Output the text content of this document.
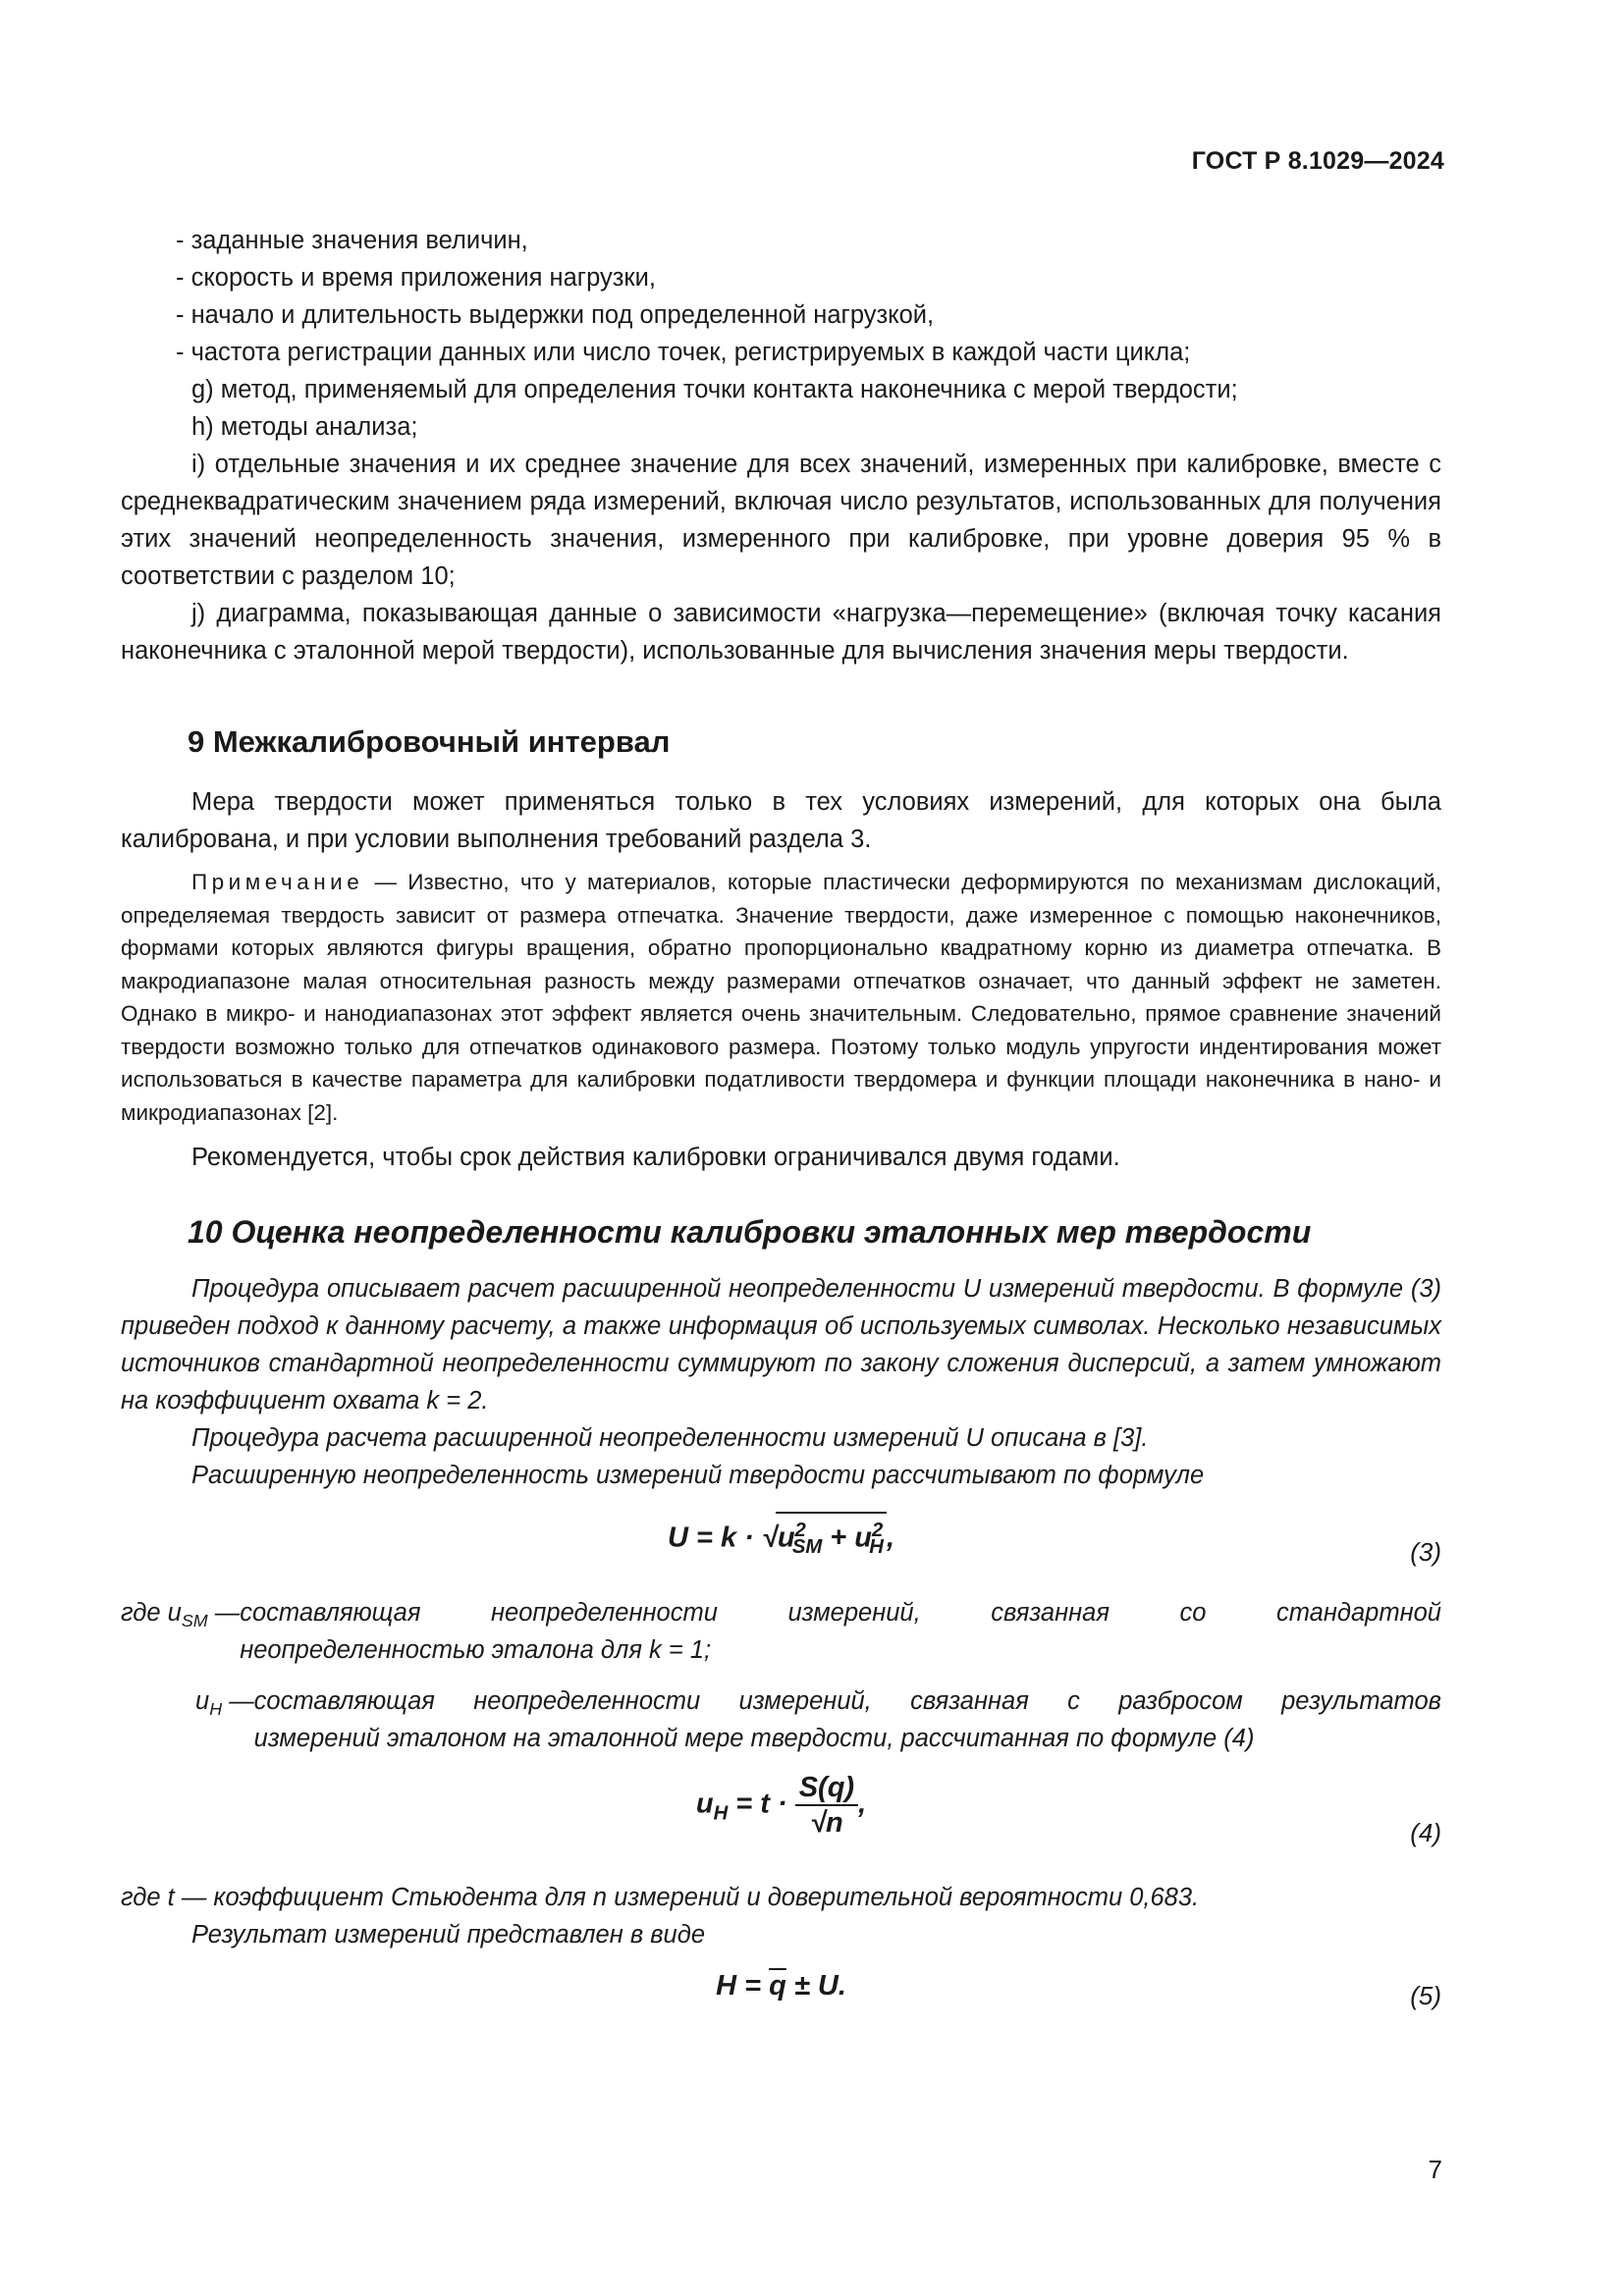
ГОСТ Р 8.1029—2024

- заданные значения величин,

- скорость и время приложения нагрузки,

- начало и длительность выдержки под определенной нагрузкой,

- частота регистрации данных или число точек, регистрируемых в каждой части цикла;

g) метод, применяемый для определения точки контакта наконечника с мерой твердости;

h) методы анализа;

i) отдельные значения и их среднее значение для всех значений, измеренных при калибровке, вместе с среднеквадратическим значением ряда измерений, включая число результатов, использованных для получения этих значений неопределенность значения, измеренного при калибровке, при уровне доверия 95 % в соответствии с разделом 10;

j) диаграмма, показывающая данные о зависимости «нагрузка—перемещение» (включая точку касания наконечника с эталонной мерой твердости), использованные для вычисления значения меры твердости.

9 Межкалибровочный интервал

Мера твердости может применяться только в тех условиях измерений, для которых она была калибрована, и при условии выполнения требований раздела 3.

Примечание — Известно, что у материалов, которые пластически деформируются по механизмам дислокаций, определяемая твердость зависит от размера отпечатка. Значение твердости, даже измеренное с помощью наконечников, формами которых являются фигуры вращения, обратно пропорционально квадратному корню из диаметра отпечатка. В макродиапазоне малая относительная разность между размерами отпечатков означает, что данный эффект не заметен. Однако в микро- и нанодиапазонах этот эффект является очень значительным. Следовательно, прямое сравнение значений твердости возможно только для отпечатков одинакового размера. Поэтому только модуль упругости индентирования может использоваться в качестве параметра для калибровки податливости твердомера и функции площади наконечника в нано- и микродиапазонах [2].

Рекомендуется, чтобы срок действия калибровки ограничивался двумя годами.

10 Оценка неопределенности калибровки эталонных мер твердости

Процедура описывает расчет расширенной неопределенности U измерений твердости. В формуле (3) приведен подход к данному расчету, а также информация об используемых символах. Несколько независимых источников стандартной неопределенности суммируют по закону сложения дисперсий, а затем умножают на коэффициент охвата k = 2.

Процедура расчета расширенной неопределенности измерений U описана в [3].

Расширенную неопределенность измерений твердости рассчитывают по формуле

$U = k \cdot √u^2_{SM} + u^2_H$ ,	(3)
где $u_{SM}$ — составляющая неопределенности измерений, связанная со стандартной
неопределенностью эталона для k = 1;
$u_H$ — составляющая неопределенности измерений, связанная с разбросом результатов
измерений эталоном на эталонной мере твердости, рассчитанная по формуле (4)
$u_H = t \cdot \frac{S(q)}{√n}$ ,
(4)

где t — коэффициент Стьюдента для n измерений и доверительной вероятности 0,683.

Результат измерений представлен в виде

$H = \overline{q} \pm U$.	(5)
7
